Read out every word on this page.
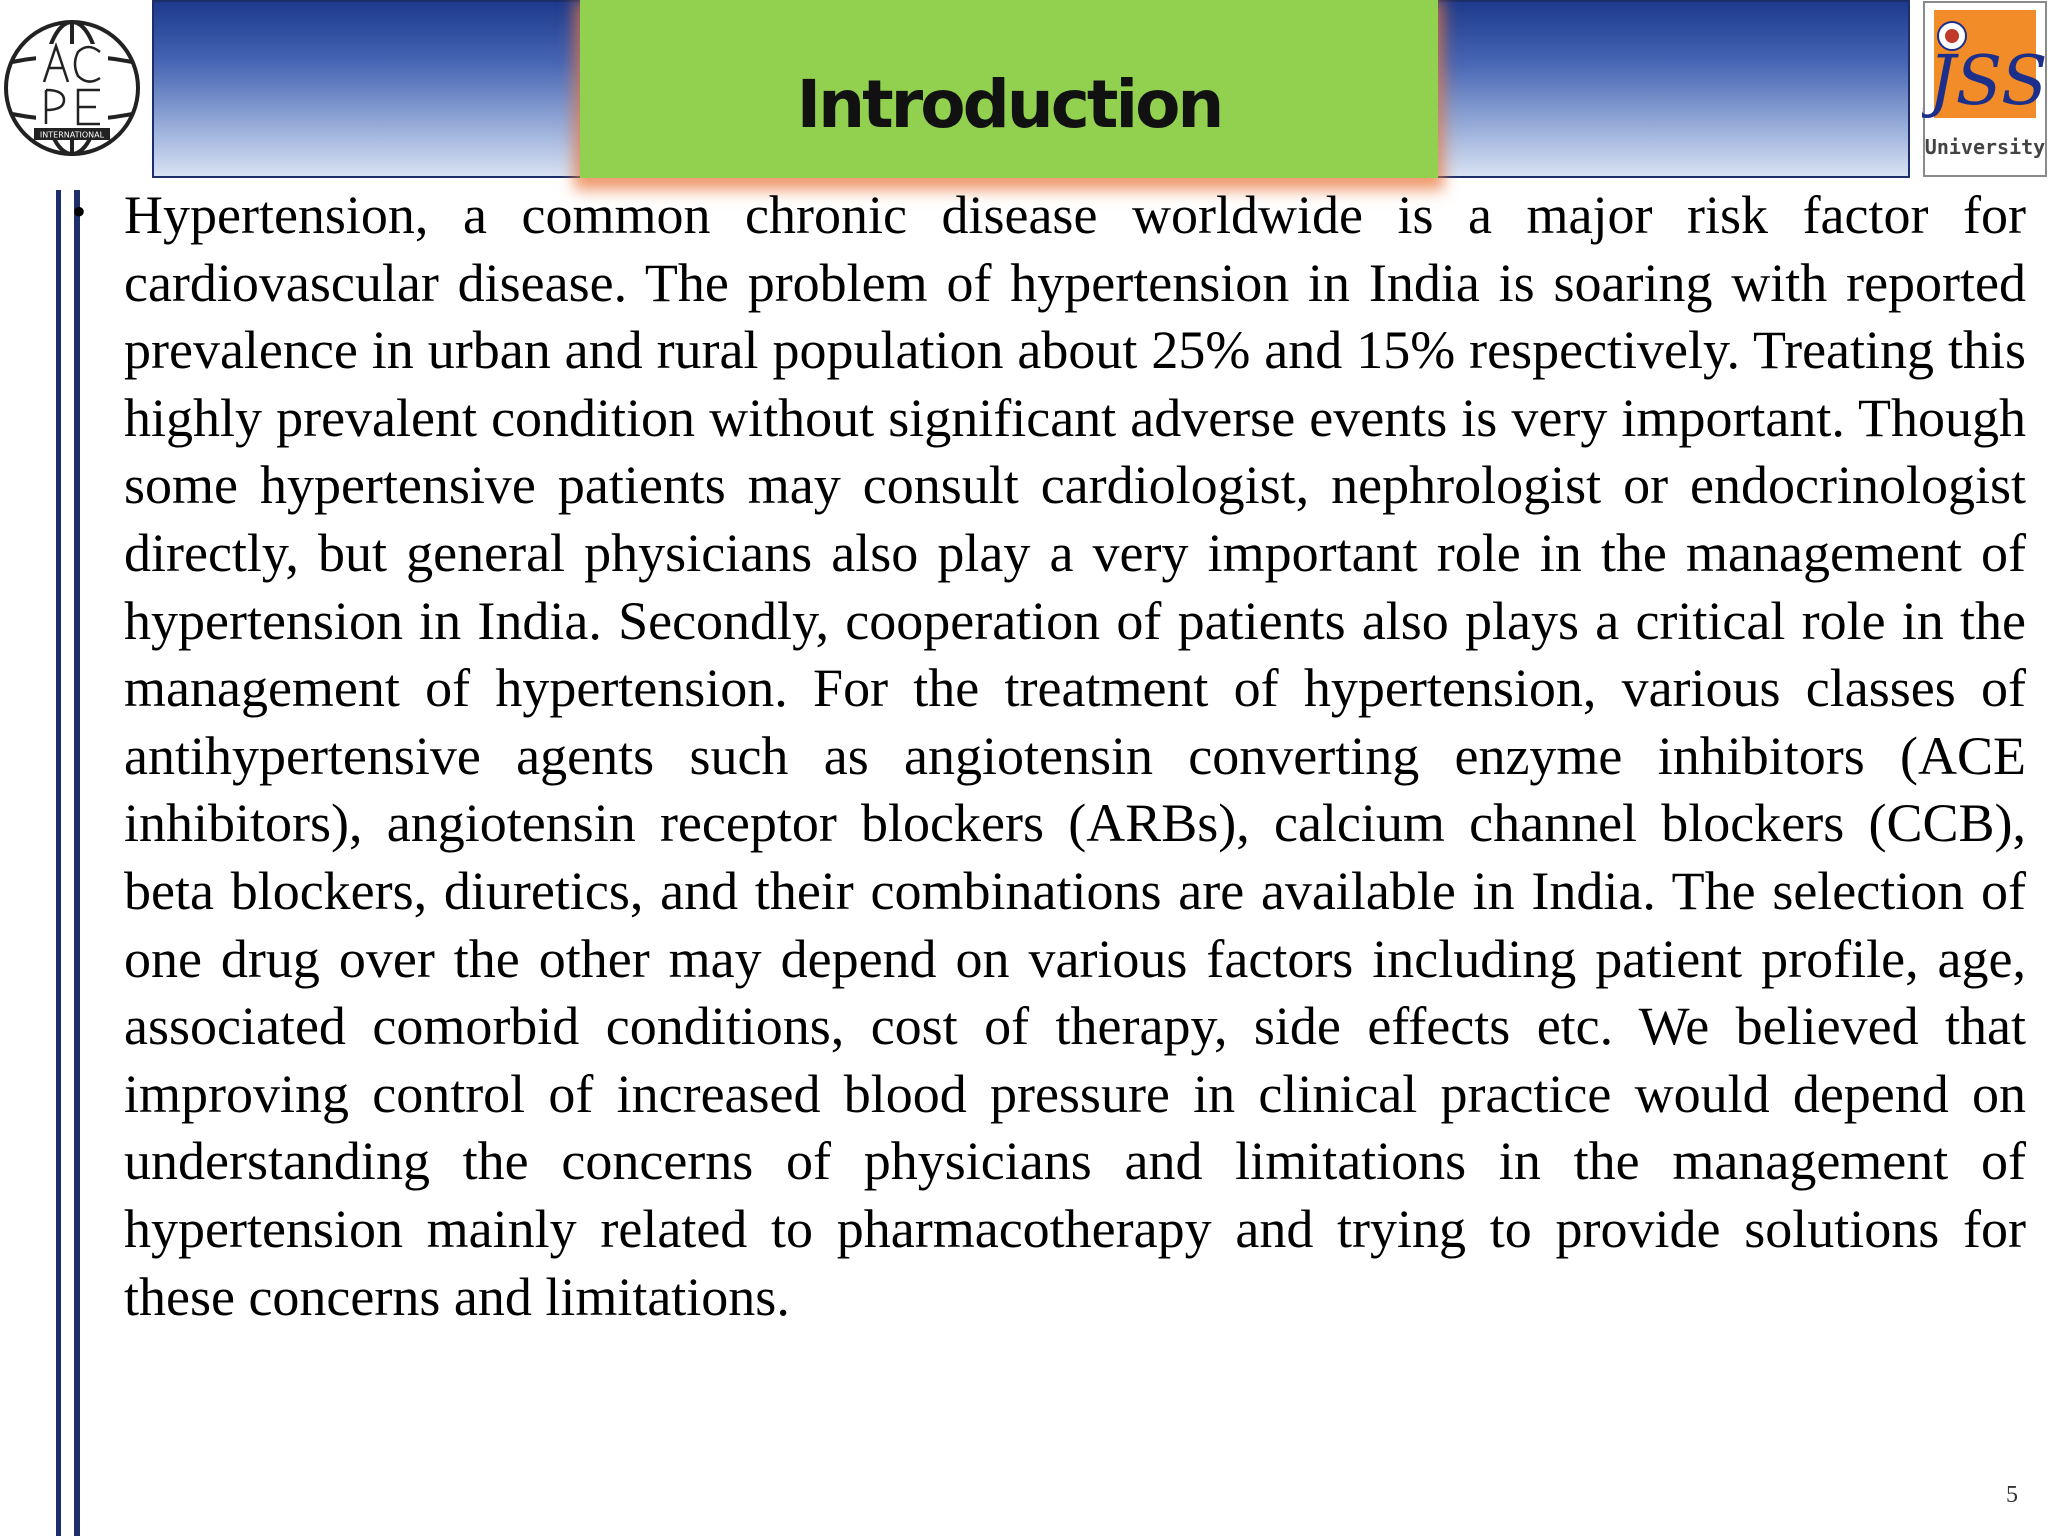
Introduction
INTERNATIONAL
JSS
University
• Hypertension, a common chronic disease worldwide is a major risk factor for cardiovascular disease. The problem of hypertension in India is soaring with reported prevalence in urban and rural population about 25% and 15% respectively. Treating this highly prevalent condition without significant adverse events is very important. Though some hypertensive patients may consult cardiologist, nephrologist or endocrinologist directly, but general physicians also play a very important role in the management of hypertension in India. Secondly, cooperation of patients also plays a critical role in the management of hypertension. For the treatment of hypertension, various classes of antihypertensive agents such as angiotensin converting enzyme inhibitors (ACE inhibitors), angiotensin receptor blockers (ARBs), calcium channel blockers (CCB), beta blockers, diuretics, and their combinations are available in India. The selection of one drug over the other may depend on various factors including patient profile, age, associated comorbid conditions, cost of therapy, side effects etc. We believed that improving control of increased blood pressure in clinical practice would depend on understanding the concerns of physicians and limitations in the management of hypertension mainly related to pharmacotherapy and trying to provide solutions for these concerns and limitations.

5
